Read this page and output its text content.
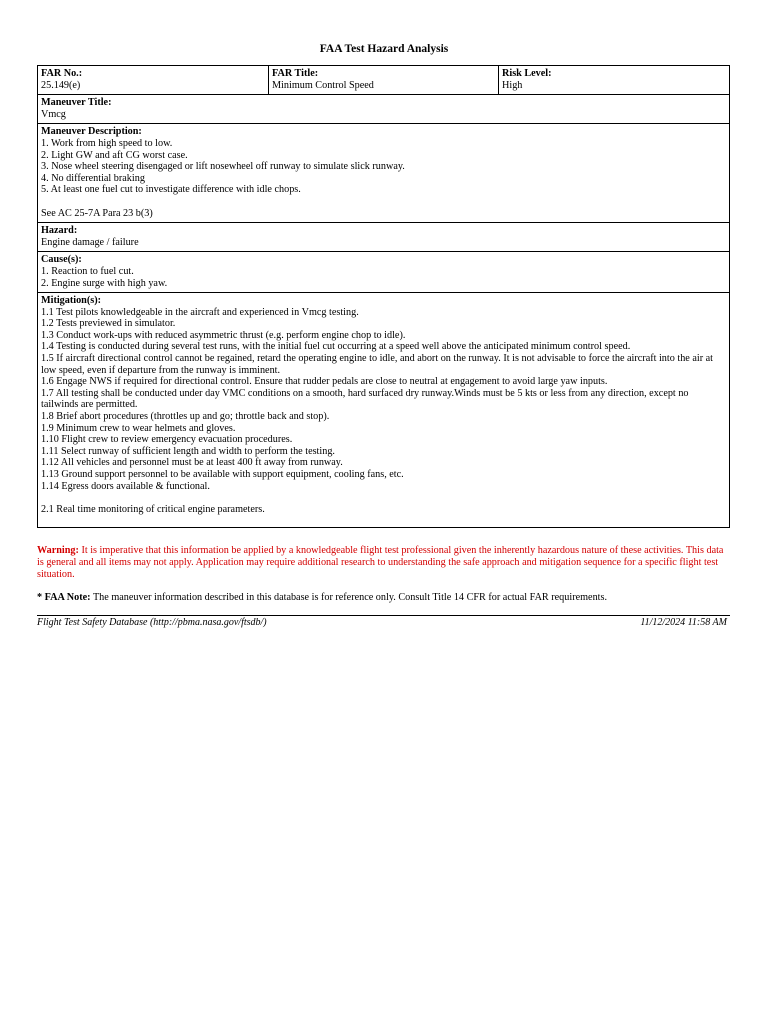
FAA Test Hazard Analysis
FAR No.:
25.149(e)
FAR Title:
Minimum Control Speed
Risk Level:
High
Maneuver Title:
Vmcg
Maneuver Description:
1. Work from high speed to low.
2. Light GW and aft CG worst case.
3. Nose wheel steering disengaged or lift nosewheel off runway to simulate slick runway.
4. No differential braking
5. At least one fuel cut to investigate difference with idle chops.
See AC 25-7A Para 23 b(3)
Hazard:
Engine damage / failure
Cause(s):
1. Reaction to fuel cut.
2. Engine surge with high yaw.
Mitigation(s):
1.1 Test pilots knowledgeable in the aircraft and experienced in Vmcg testing.
1.2 Tests previewed in simulator.
1.3 Conduct work-ups with reduced asymmetric thrust (e.g. perform engine chop to idle).
1.4 Testing is conducted during several test runs, with the initial fuel cut occurring at a speed well above the anticipated minimum control speed.
1.5 If aircraft directional control cannot be regained, retard the operating engine to idle, and abort on the runway. It is not advisable to force the aircraft into the air at low speed, even if departure from the runway is imminent.
1.6 Engage NWS if required for directional control. Ensure that rudder pedals are close to neutral at engagement to avoid large yaw inputs.
1.7 All testing shall be conducted under day VMC conditions on a smooth, hard surfaced dry runway.Winds must be 5 kts or less from any direction, except no tailwinds are permitted.
1.8 Brief abort procedures (throttles up and go; throttle back and stop).
1.9 Minimum crew to wear helmets and gloves.
1.10 Flight crew to review emergency evacuation procedures.
1.11 Select runway of sufficient length and width to perform the testing.
1.12 All vehicles and personnel must be at least 400 ft away from runway.
1.13 Ground support personnel to be available with support equipment, cooling fans, etc.
1.14 Egress doors available & functional.
2.1 Real time monitoring of critical engine parameters.
Warning: It is imperative that this information be applied by a knowledgeable flight test professional given the inherently hazardous nature of these activities. This data is general and all items may not apply. Application may require additional research to understanding the safe approach and mitigation sequence for a specific flight test situation.
* FAA Note: The maneuver information described in this database is for reference only. Consult Title 14 CFR for actual FAR requirements.
Flight Test Safety Database (http://pbma.nasa.gov/ftsdb/)	11/12/2024 11:58 AM
